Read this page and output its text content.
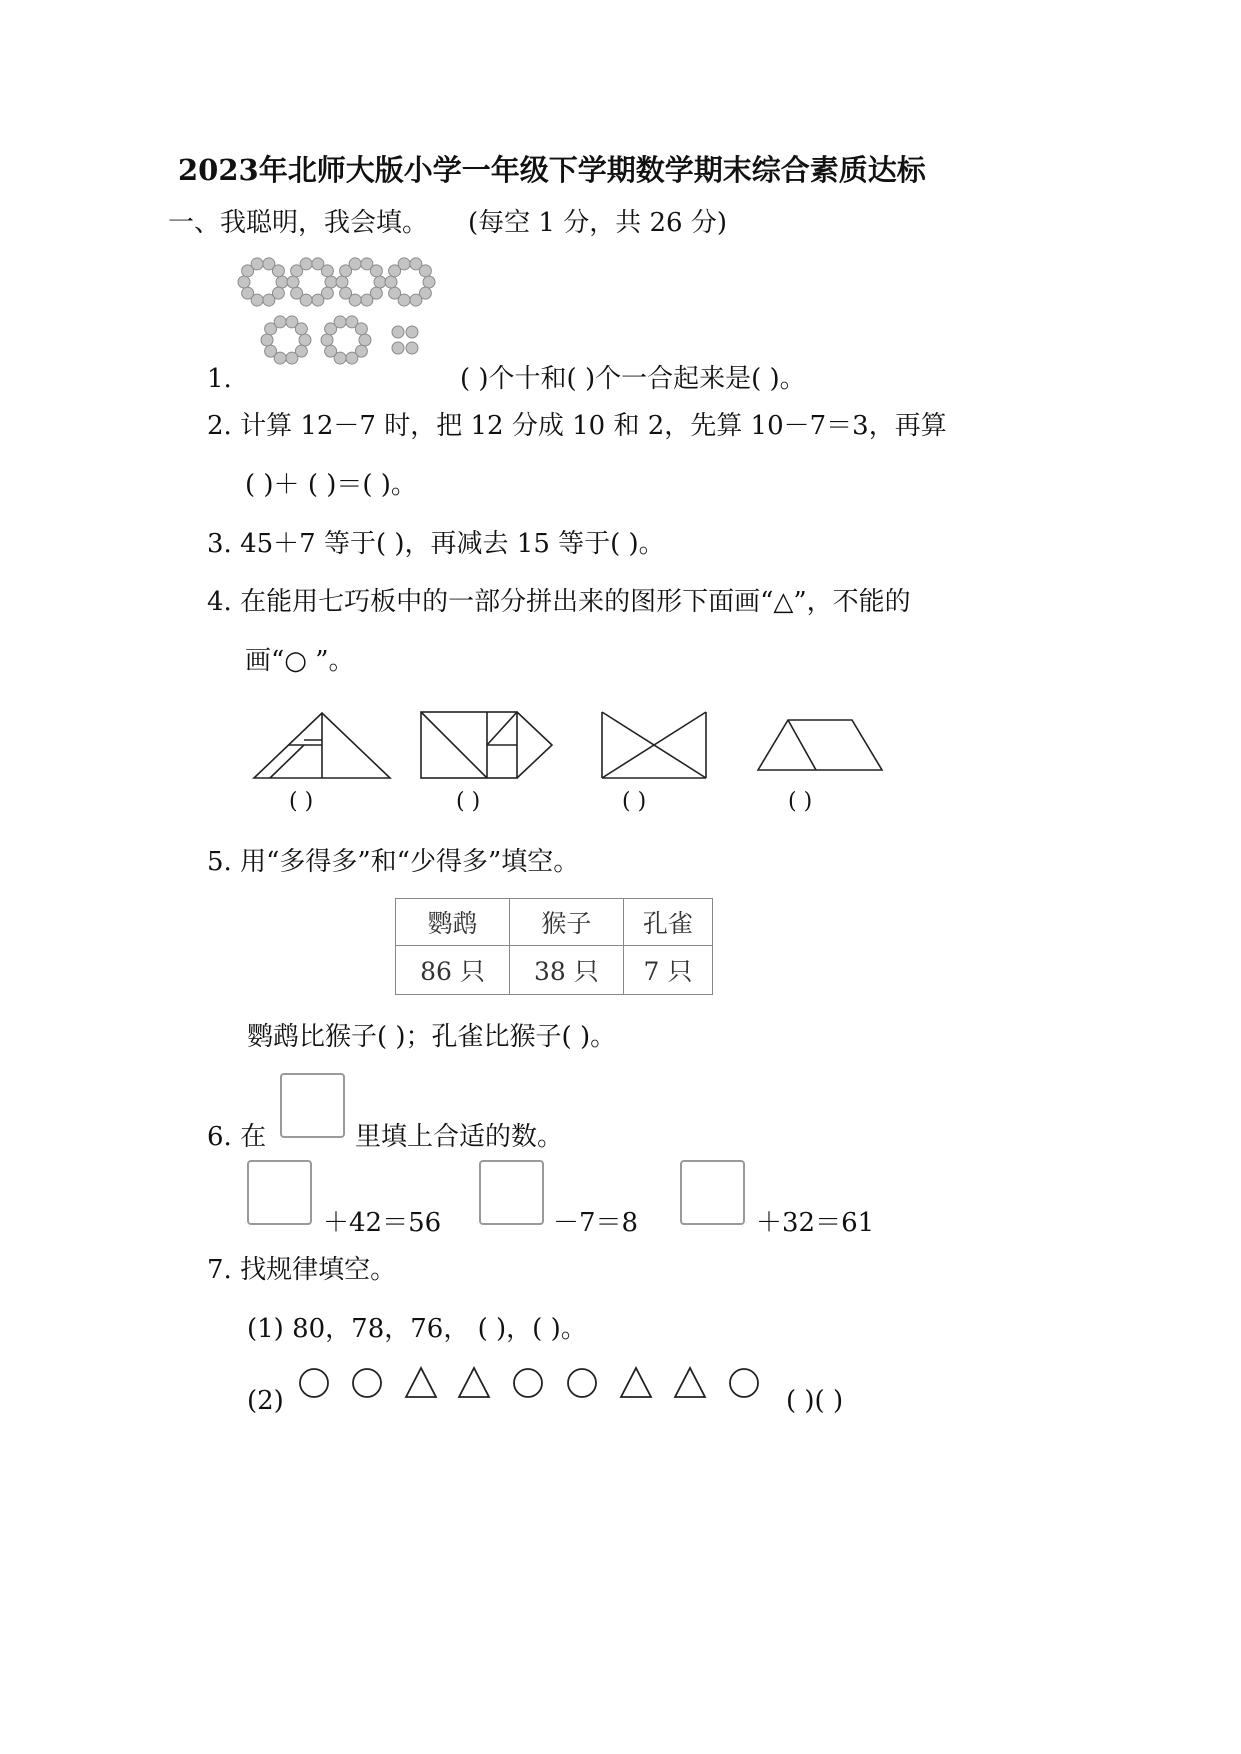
2023年北师大版小学一年级下学期数学期末综合素质达标
一、我聪明，我会填。 (每空 1 分，共 26 分)
1.	( )个十和( )个一合起来是( )。
2. 计算 12－7 时，把 12 分成 10 和 2，先算 10－7＝3，再算
( )＋ ( )＝( )。
3. 45＋7 等于( )，再减去 15 等于( )。
4. 在能用七巧板中的一部分拼出来的图形下面画“△”，不能的
画“○ ”。
( )	( )	( )	( )
5. 用“多得多”和“少得多”填空。
鹦鹉	猴子	孔雀
86 只	38 只	7 只
鹦鹉比猴子( )；孔雀比猴子( )。
6. 在	里填上合适的数。
＋42＝56	－7＝8	＋32＝61
7. 找规律填空。
(1) 80，78，76， ( )，( )。
(2)	( )( )
